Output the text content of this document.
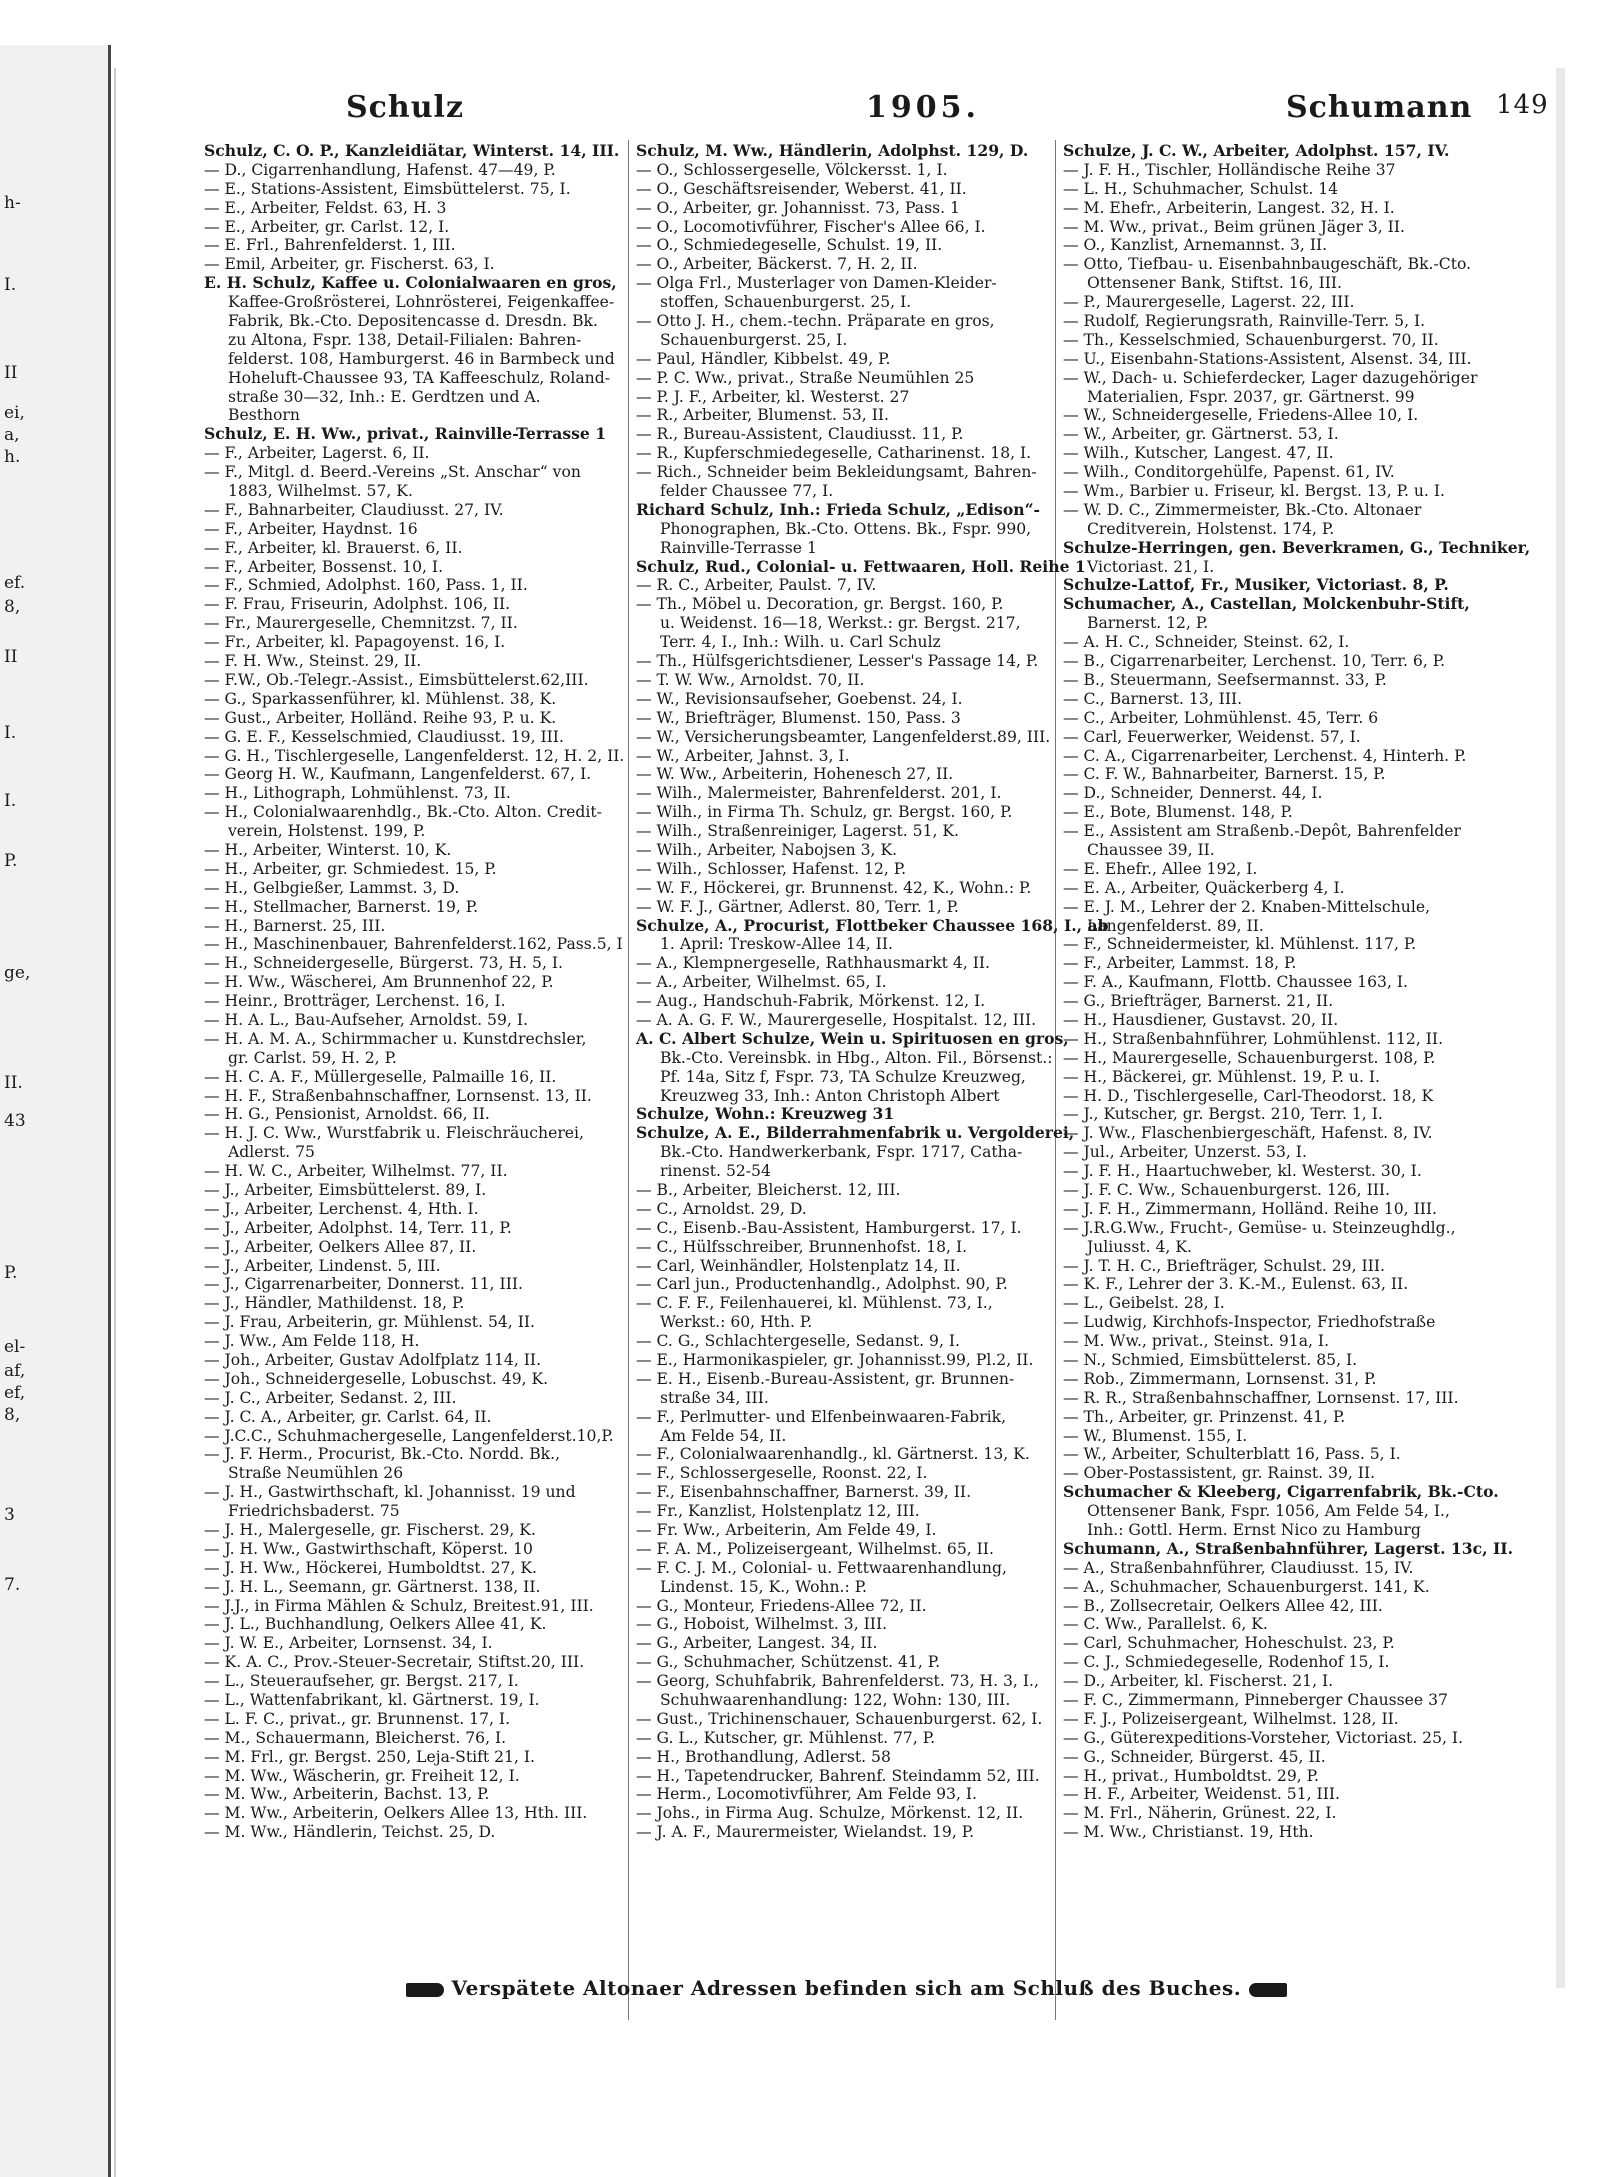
h-
I.
II
ei,
a,
h.
ef.
8,
II
I.
I.
P.
ge,
II.
43
P.
el-
af,
ef,
8,
3
7.
Schulz	1905.	Schumann 149
Schulz, C. O. P., Kanzleidiätar, Winterst. 14, III.
— D., Cigarrenhandlung, Hafenst. 47—49, P.
— E., Stations-Assistent, Eimsbüttelerst. 75, I.
— E., Arbeiter, Feldst. 63, H. 3
— E., Arbeiter, gr. Carlst. 12, I.
— E. Frl., Bahrenfelderst. 1, III.
— Emil, Arbeiter, gr. Fischerst. 63, I.
E. H. Schulz, Kaffee u. Colonialwaaren en gros,
Kaffee-Großrösterei, Lohnrösterei, Feigenkaffee-
Fabrik, Bk.-Cto. Depositencasse d. Dresdn. Bk.
zu Altona, Fspr. 138, Detail-Filialen: Bahren-
felderst. 108, Hamburgerst. 46 in Barmbeck und
Hoheluft-Chaussee 93, TA Kaffeeschulz, Roland-
straße 30—32, Inh.: E. Gerdtzen und A.
Besthorn
Schulz, E. H. Ww., privat., Rainville-Terrasse 1
— F., Arbeiter, Lagerst. 6, II.
— F., Mitgl. d. Beerd.-Vereins „St. Anschar“ von
1883, Wilhelmst. 57, K.
— F., Bahnarbeiter, Claudiusst. 27, IV.
— F., Arbeiter, Haydnst. 16
— F., Arbeiter, kl. Brauerst. 6, II.
— F., Arbeiter, Bossenst. 10, I.
— F., Schmied, Adolphst. 160, Pass. 1, II.
— F. Frau, Friseurin, Adolphst. 106, II.
— Fr., Maurergeselle, Chemnitzst. 7, II.
— Fr., Arbeiter, kl. Papagoyenst. 16, I.
— F. H. Ww., Steinst. 29, II.
— F.W., Ob.-Telegr.-Assist., Eimsbüttelerst.62,III.
— G., Sparkassenführer, kl. Mühlenst. 38, K.
— Gust., Arbeiter, Holländ. Reihe 93, P. u. K.
— G. E. F., Kesselschmied, Claudiusst. 19, III.
— G. H., Tischlergeselle, Langenfelderst. 12, H. 2, II.
— Georg H. W., Kaufmann, Langenfelderst. 67, I.
— H., Lithograph, Lohmühlenst. 73, II.
— H., Colonialwaarenhdlg., Bk.-Cto. Alton. Credit-
verein, Holstenst. 199, P.
— H., Arbeiter, Winterst. 10, K.
— H., Arbeiter, gr. Schmiedest. 15, P.
— H., Gelbgießer, Lammst. 3, D.
— H., Stellmacher, Barnerst. 19, P.
— H., Barnerst. 25, III.
— H., Maschinenbauer, Bahrenfelderst.162, Pass.5, I
— H., Schneidergeselle, Bürgerst. 73, H. 5, I.
— H. Ww., Wäscherei, Am Brunnenhof 22, P.
— Heinr., Brotträger, Lerchenst. 16, I.
— H. A. L., Bau-Aufseher, Arnoldst. 59, I.
— H. A. M. A., Schirmmacher u. Kunstdrechsler,
gr. Carlst. 59, H. 2, P.
— H. C. A. F., Müllergeselle, Palmaille 16, II.
— H. F., Straßenbahnschaffner, Lornsenst. 13, II.
— H. G., Pensionist, Arnoldst. 66, II.
— H. J. C. Ww., Wurstfabrik u. Fleischräucherei,
Adlerst. 75
— H. W. C., Arbeiter, Wilhelmst. 77, II.
— J., Arbeiter, Eimsbüttelerst. 89, I.
— J., Arbeiter, Lerchenst. 4, Hth. I.
— J., Arbeiter, Adolphst. 14, Terr. 11, P.
— J., Arbeiter, Oelkers Allee 87, II.
— J., Arbeiter, Lindenst. 5, III.
— J., Cigarrenarbeiter, Donnerst. 11, III.
— J., Händler, Mathildenst. 18, P.
— J. Frau, Arbeiterin, gr. Mühlenst. 54, II.
— J. Ww., Am Felde 118, H.
— Joh., Arbeiter, Gustav Adolfplatz 114, II.
— Joh., Schneidergeselle, Lobuschst. 49, K.
— J. C., Arbeiter, Sedanst. 2, III.
— J. C. A., Arbeiter, gr. Carlst. 64, II.
— J.C.C., Schuhmachergeselle, Langenfelderst.10,P.
— J. F. Herm., Procurist, Bk.-Cto. Nordd. Bk.,
Straße Neumühlen 26
— J. H., Gastwirthschaft, kl. Johannisst. 19 und
Friedrichsbaderst. 75
— J. H., Malergeselle, gr. Fischerst. 29, K.
— J. H. Ww., Gastwirthschaft, Köperst. 10
— J. H. Ww., Höckerei, Humboldtst. 27, K.
— J. H. L., Seemann, gr. Gärtnerst. 138, II.
— J.J., in Firma Mählen & Schulz, Breitest.91, III.
— J. L., Buchhandlung, Oelkers Allee 41, K.
— J. W. E., Arbeiter, Lornsenst. 34, I.
— K. A. C., Prov.-Steuer-Secretair, Stiftst.20, III.
— L., Steueraufseher, gr. Bergst. 217, I.
— L., Wattenfabrikant, kl. Gärtnerst. 19, I.
— L. F. C., privat., gr. Brunnenst. 17, I.
— M., Schauermann, Bleicherst. 76, I.
— M. Frl., gr. Bergst. 250, Leja-Stift 21, I.
— M. Ww., Wäscherin, gr. Freiheit 12, I.
— M. Ww., Arbeiterin, Bachst. 13, P.
— M. Ww., Arbeiterin, Oelkers Allee 13, Hth. III.
— M. Ww., Händlerin, Teichst. 25, D.
Schulz, M. Ww., Händlerin, Adolphst. 129, D.
— O., Schlossergeselle, Völckersst. 1, I.
— O., Geschäftsreisender, Weberst. 41, II.
— O., Arbeiter, gr. Johannisst. 73, Pass. 1
— O., Locomotivführer, Fischer's Allee 66, I.
— O., Schmiedegeselle, Schulst. 19, II.
— O., Arbeiter, Bäckerst. 7, H. 2, II.
— Olga Frl., Musterlager von Damen-Kleider-
stoffen, Schauenburgerst. 25, I.
— Otto J. H., chem.-techn. Präparate en gros,
Schauenburgerst. 25, I.
— Paul, Händler, Kibbelst. 49, P.
— P. C. Ww., privat., Straße Neumühlen 25
— P. J. F., Arbeiter, kl. Westerst. 27
— R., Arbeiter, Blumenst. 53, II.
— R., Bureau-Assistent, Claudiusst. 11, P.
— R., Kupferschmiedegeselle, Catharinenst. 18, I.
— Rich., Schneider beim Bekleidungsamt, Bahren-
felder Chaussee 77, I.
Richard Schulz, Inh.: Frieda Schulz, „Edison“-
Phonographen, Bk.-Cto. Ottens. Bk., Fspr. 990,
Rainville-Terrasse 1
Schulz, Rud., Colonial- u. Fettwaaren, Holl. Reihe 1
— R. C., Arbeiter, Paulst. 7, IV.
— Th., Möbel u. Decoration, gr. Bergst. 160, P.
u. Weidenst. 16—18, Werkst.: gr. Bergst. 217,
Terr. 4, I., Inh.: Wilh. u. Carl Schulz
— Th., Hülfsgerichtsdiener, Lesser's Passage 14, P.
— T. W. Ww., Arnoldst. 70, II.
— W., Revisionsaufseher, Goebenst. 24, I.
— W., Briefträger, Blumenst. 150, Pass. 3
— W., Versicherungsbeamter, Langenfelderst.89, III.
— W., Arbeiter, Jahnst. 3, I.
— W. Ww., Arbeiterin, Hohenesch 27, II.
— Wilh., Malermeister, Bahrenfelderst. 201, I.
— Wilh., in Firma Th. Schulz, gr. Bergst. 160, P.
— Wilh., Straßenreiniger, Lagerst. 51, K.
— Wilh., Arbeiter, Nabojsen 3, K.
— Wilh., Schlosser, Hafenst. 12, P.
— W. F., Höckerei, gr. Brunnenst. 42, K., Wohn.: P.
— W. F. J., Gärtner, Adlerst. 80, Terr. 1, P.
Schulze, A., Procurist, Flottbeker Chaussee 168, I., ab
1. April: Treskow-Allee 14, II.
— A., Klempnergeselle, Rathhausmarkt 4, II.
— A., Arbeiter, Wilhelmst. 65, I.
— Aug., Handschuh-Fabrik, Mörkenst. 12, I.
— A. A. G. F. W., Maurergeselle, Hospitalst. 12, III.
A. C. Albert Schulze, Wein u. Spirituosen en gros,
Bk.-Cto. Vereinsbk. in Hbg., Alton. Fil., Börsenst.:
Pf. 14a, Sitz f, Fspr. 73, TA Schulze Kreuzweg,
Kreuzweg 33, Inh.: Anton Christoph Albert
Schulze, Wohn.: Kreuzweg 31
Schulze, A. E., Bilderrahmenfabrik u. Vergolderei,
Bk.-Cto. Handwerkerbank, Fspr. 1717, Catha-
rinenst. 52-54
— B., Arbeiter, Bleicherst. 12, III.
— C., Arnoldst. 29, D.
— C., Eisenb.-Bau-Assistent, Hamburgerst. 17, I.
— C., Hülfsschreiber, Brunnenhofst. 18, I.
— Carl, Weinhändler, Holstenplatz 14, II.
— Carl jun., Productenhandlg., Adolphst. 90, P.
— C. F. F., Feilenhauerei, kl. Mühlenst. 73, I.,
Werkst.: 60, Hth. P.
— C. G., Schlachtergeselle, Sedanst. 9, I.
— E., Harmonikaspieler, gr. Johannisst.99, Pl.2, II.
— E. H., Eisenb.-Bureau-Assistent, gr. Brunnen-
straße 34, III.
— F., Perlmutter- und Elfenbeinwaaren-Fabrik,
Am Felde 54, II.
— F., Colonialwaarenhandlg., kl. Gärtnerst. 13, K.
— F., Schlossergeselle, Roonst. 22, I.
— F., Eisenbahnschaffner, Barnerst. 39, II.
— Fr., Kanzlist, Holstenplatz 12, III.
— Fr. Ww., Arbeiterin, Am Felde 49, I.
— F. A. M., Polizeisergeant, Wilhelmst. 65, II.
— F. C. J. M., Colonial- u. Fettwaarenhandlung,
Lindenst. 15, K., Wohn.: P.
— G., Monteur, Friedens-Allee 72, II.
— G., Hoboist, Wilhelmst. 3, III.
— G., Arbeiter, Langest. 34, II.
— G., Schuhmacher, Schützenst. 41, P.
— Georg, Schuhfabrik, Bahrenfelderst. 73, H. 3, I.,
Schuhwaarenhandlung: 122, Wohn: 130, III.
— Gust., Trichinenschauer, Schauenburgerst. 62, I.
— G. L., Kutscher, gr. Mühlenst. 77, P.
— H., Brothandlung, Adlerst. 58
— H., Tapetendrucker, Bahrenf. Steindamm 52, III.
— Herm., Locomotivführer, Am Felde 93, I.
— Johs., in Firma Aug. Schulze, Mörkenst. 12, II.
— J. A. F., Maurermeister, Wielandst. 19, P.
Schulze, J. C. W., Arbeiter, Adolphst. 157, IV.
— J. F. H., Tischler, Holländische Reihe 37
— L. H., Schuhmacher, Schulst. 14
— M. Ehefr., Arbeiterin, Langest. 32, H. I.
— M. Ww., privat., Beim grünen Jäger 3, II.
— O., Kanzlist, Arnemannst. 3, II.
— Otto, Tiefbau- u. Eisenbahnbaugeschäft, Bk.-Cto.
Ottensener Bank, Stiftst. 16, III.
— P., Maurergeselle, Lagerst. 22, III.
— Rudolf, Regierungsrath, Rainville-Terr. 5, I.
— Th., Kesselschmied, Schauenburgerst. 70, II.
— U., Eisenbahn-Stations-Assistent, Alsenst. 34, III.
— W., Dach- u. Schieferdecker, Lager dazugehöriger
Materialien, Fspr. 2037, gr. Gärtnerst. 99
— W., Schneidergeselle, Friedens-Allee 10, I.
— W., Arbeiter, gr. Gärtnerst. 53, I.
— Wilh., Kutscher, Langest. 47, II.
— Wilh., Conditorgehülfe, Papenst. 61, IV.
— Wm., Barbier u. Friseur, kl. Bergst. 13, P. u. I.
— W. D. C., Zimmermeister, Bk.-Cto. Altonaer
Creditverein, Holstenst. 174, P.
Schulze-Herringen, gen. Beverkramen, G., Techniker,
Victoriast. 21, I.
Schulze-Lattof, Fr., Musiker, Victoriast. 8, P.
Schumacher, A., Castellan, Molckenbuhr-Stift,
Barnerst. 12, P.
— A. H. C., Schneider, Steinst. 62, I.
— B., Cigarrenarbeiter, Lerchenst. 10, Terr. 6, P.
— B., Steuermann, Seefsermannst. 33, P.
— C., Barnerst. 13, III.
— C., Arbeiter, Lohmühlenst. 45, Terr. 6
— Carl, Feuerwerker, Weidenst. 57, I.
— C. A., Cigarrenarbeiter, Lerchenst. 4, Hinterh. P.
— C. F. W., Bahnarbeiter, Barnerst. 15, P.
— D., Schneider, Dennerst. 44, I.
— E., Bote, Blumenst. 148, P.
— E., Assistent am Straßenb.-Depôt, Bahrenfelder
Chaussee 39, II.
— E. Ehefr., Allee 192, I.
— E. A., Arbeiter, Quäckerberg 4, I.
— E. J. M., Lehrer der 2. Knaben-Mittelschule,
Langenfelderst. 89, II.
— F., Schneidermeister, kl. Mühlenst. 117, P.
— F., Arbeiter, Lammst. 18, P.
— F. A., Kaufmann, Flottb. Chaussee 163, I.
— G., Briefträger, Barnerst. 21, II.
— H., Hausdiener, Gustavst. 20, II.
— H., Straßenbahnführer, Lohmühlenst. 112, II.
— H., Maurergeselle, Schauenburgerst. 108, P.
— H., Bäckerei, gr. Mühlenst. 19, P. u. I.
— H. D., Tischlergeselle, Carl-Theodorst. 18, K
— J., Kutscher, gr. Bergst. 210, Terr. 1, I.
— J. Ww., Flaschenbiergeschäft, Hafenst. 8, IV.
— Jul., Arbeiter, Unzerst. 53, I.
— J. F. H., Haartuchweber, kl. Westerst. 30, I.
— J. F. C. Ww., Schauenburgerst. 126, III.
— J. F. H., Zimmermann, Holländ. Reihe 10, III.
— J.R.G.Ww., Frucht-, Gemüse- u. Steinzeughdlg.,
Juliusst. 4, K.
— J. T. H. C., Briefträger, Schulst. 29, III.
— K. F., Lehrer der 3. K.-M., Eulenst. 63, II.
— L., Geibelst. 28, I.
— Ludwig, Kirchhofs-Inspector, Friedhofstraße
— M. Ww., privat., Steinst. 91a, I.
— N., Schmied, Eimsbüttelerst. 85, I.
— Rob., Zimmermann, Lornsenst. 31, P.
— R. R., Straßenbahnschaffner, Lornsenst. 17, III.
— Th., Arbeiter, gr. Prinzenst. 41, P.
— W., Blumenst. 155, I.
— W., Arbeiter, Schulterblatt 16, Pass. 5, I.
— Ober-Postassistent, gr. Rainst. 39, II.
Schumacher & Kleeberg, Cigarrenfabrik, Bk.-Cto.
Ottensener Bank, Fspr. 1056, Am Felde 54, I.,
Inh.: Gottl. Herm. Ernst Nico zu Hamburg
Schumann, A., Straßenbahnführer, Lagerst. 13c, II.
— A., Straßenbahnführer, Claudiusst. 15, IV.
— A., Schuhmacher, Schauenburgerst. 141, K.
— B., Zollsecretair, Oelkers Allee 42, III.
— C. Ww., Parallelst. 6, K.
— Carl, Schuhmacher, Hoheschulst. 23, P.
— C. J., Schmiedegeselle, Rodenhof 15, I.
— D., Arbeiter, kl. Fischerst. 21, I.
— F. C., Zimmermann, Pinneberger Chaussee 37
— F. J., Polizeisergeant, Wilhelmst. 128, II.
— G., Güterexpeditions-Vorsteher, Victoriast. 25, I.
— G., Schneider, Bürgerst. 45, II.
— H., privat., Humboldtst. 29, P.
— H. F., Arbeiter, Weidenst. 51, III.
— M. Frl., Näherin, Grünest. 22, I.
— M. Ww., Christianst. 19, Hth.
Verspätete Altonaer Adressen befinden sich am Schluß des Buches.
